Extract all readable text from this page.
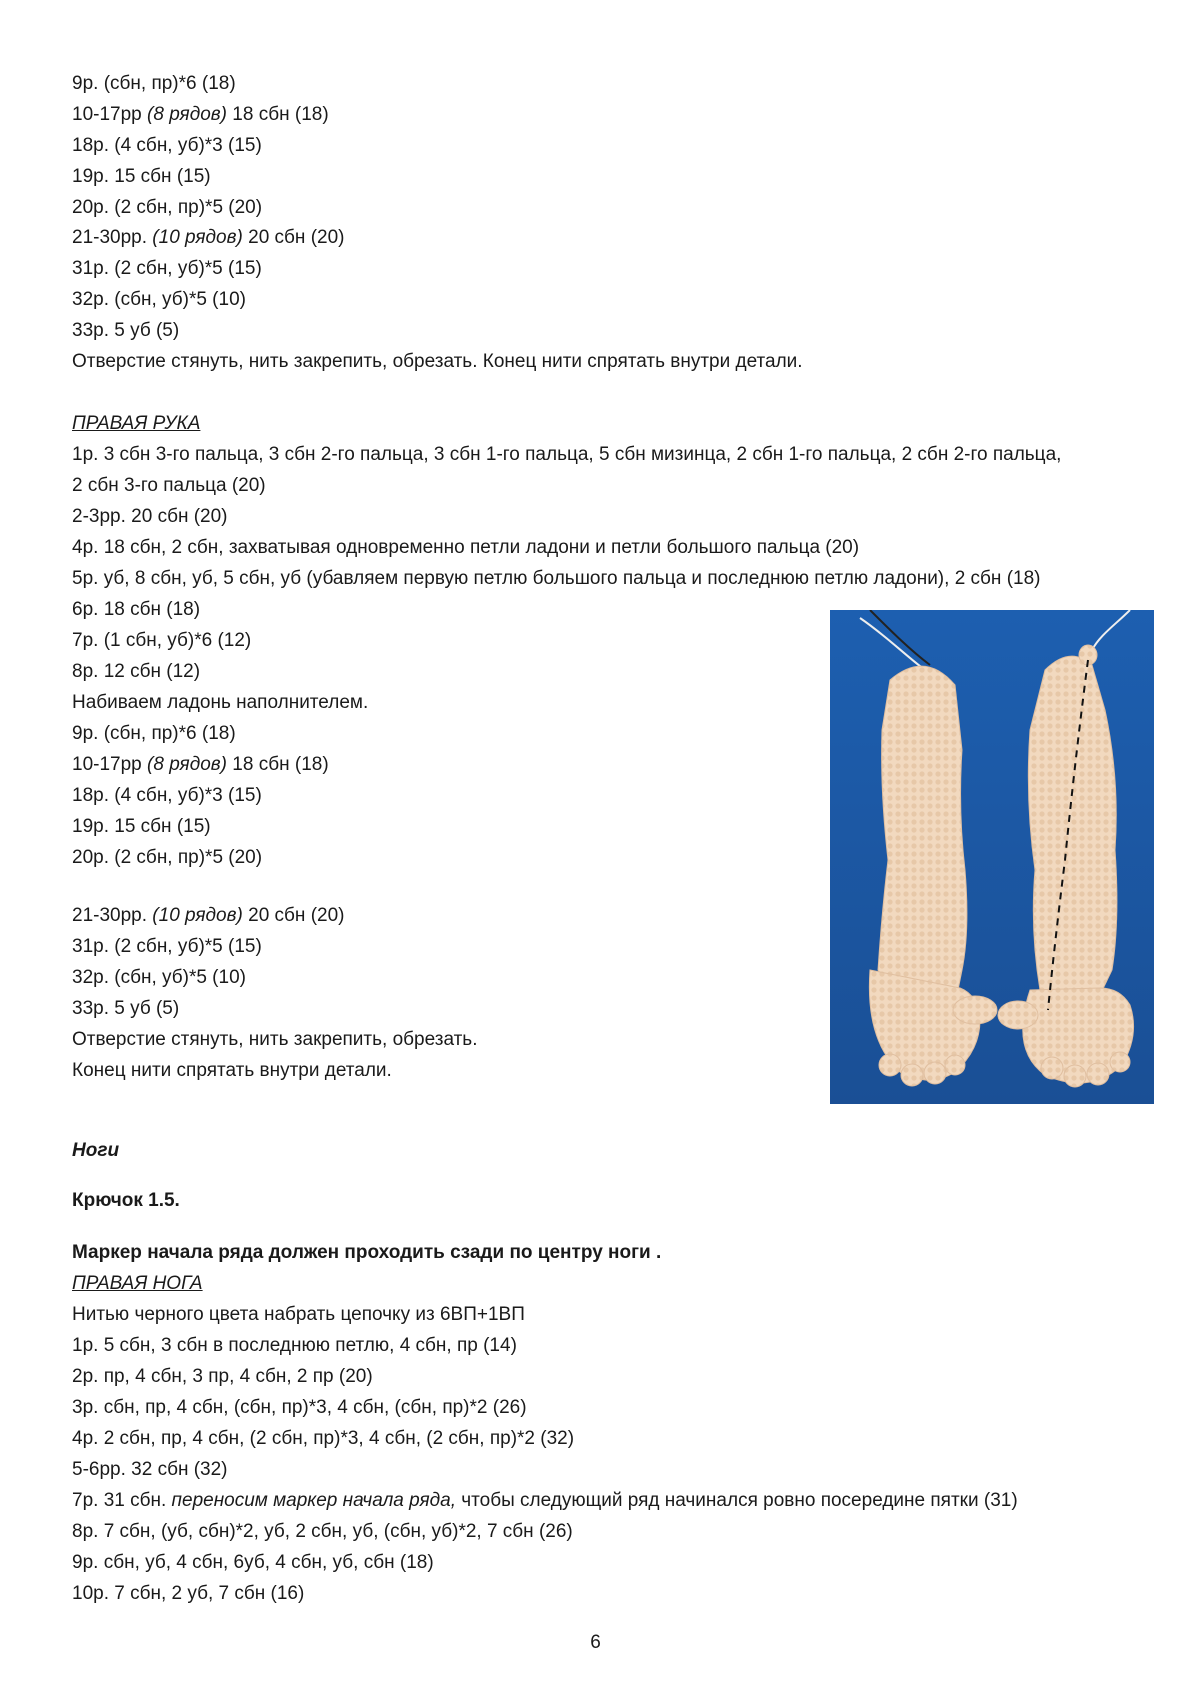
9р. (сбн, пр)*6 (18)
10-17рр (8 рядов) 18 сбн (18)
18р. (4 сбн, уб)*3 (15)
19р. 15 сбн (15)
20р. (2 сбн, пр)*5 (20)
21-30рр. (10 рядов) 20 сбн (20)
31р. (2 сбн, уб)*5 (15)
32р. (сбн, уб)*5 (10)
33р. 5 уб (5)
Отверстие стянуть, нить закрепить, обрезать. Конец нити спрятать внутри детали.
ПРАВАЯ РУКА
1р. 3 сбн 3-го пальца, 3 сбн 2-го пальца, 3 сбн 1-го пальца, 5 сбн мизинца, 2 сбн 1-го пальца, 2 сбн 2-го пальца,
2 сбн 3-го пальца (20)
2-3рр. 20 сбн (20)
4р. 18 сбн, 2 сбн, захватывая одновременно петли ладони и петли большого пальца (20)
5р. уб, 8 сбн, уб, 5 сбн, уб (убавляем первую петлю большого пальца и последнюю петлю ладони), 2 сбн (18)
6р. 18 сбн (18)
7р. (1 сбн, уб)*6 (12)
8р. 12 сбн (12)
Набиваем ладонь наполнителем.
9р. (сбн, пр)*6 (18)
10-17рр (8 рядов) 18 сбн (18)
18р. (4 сбн, уб)*3 (15)
19р. 15 сбн (15)
20р. (2 сбн, пр)*5 (20)
21-30рр. (10 рядов) 20 сбн (20)
31р. (2 сбн, уб)*5 (15)
32р. (сбн, уб)*5 (10)
33р. 5 уб (5)
Отверстие стянуть, нить закрепить, обрезать.
Конец нити спрятать внутри детали.
Ноги
Крючок 1.5.
Маркер начала ряда должен проходить сзади по центру ноги .
ПРАВАЯ НОГА
Нитью черного цвета набрать цепочку из 6ВП+1ВП
1р. 5 сбн, 3 сбн в последнюю петлю, 4 сбн, пр (14)
2р. пр, 4 сбн, 3 пр, 4 сбн, 2 пр (20)
3р. сбн, пр, 4 сбн, (сбн, пр)*3, 4 сбн, (сбн, пр)*2 (26)
4р. 2 сбн, пр, 4 сбн, (2 сбн, пр)*3, 4 сбн, (2 сбн, пр)*2 (32)
5-6рр. 32 сбн (32)
7р. 31 сбн. переносим маркер начала ряда, чтобы следующий ряд начинался ровно посередине пятки (31)
8р. 7 сбн, (уб, сбн)*2, уб, 2 сбн, уб, (сбн, уб)*2, 7 сбн (26)
9р. сбн, уб, 4 сбн, 6уб, 4 сбн, уб, сбн (18)
10р. 7 сбн, 2 уб, 7 сбн (16)
6
